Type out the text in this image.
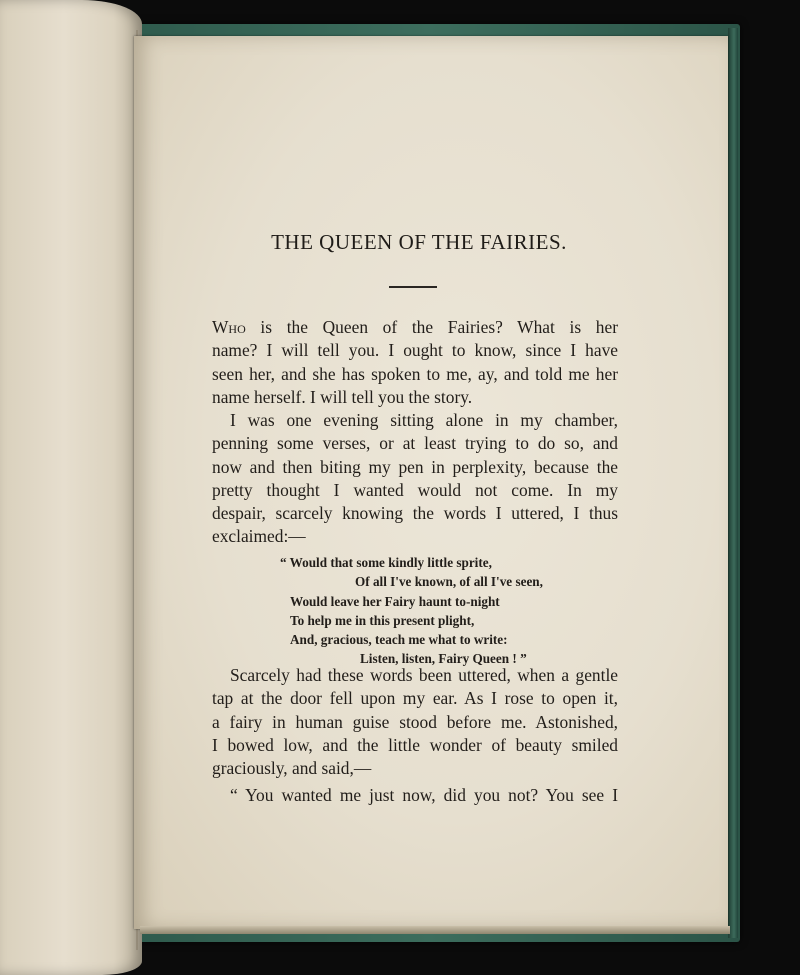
THE QUEEN OF THE FAIRIES.
Who is the Queen of the Fairies? What is her
name? I will tell you. I ought to know, since I have
seen her, and she has spoken to me, ay, and told me her
name herself. I will tell you the story.
I was one evening sitting alone in my chamber,
penning some verses, or at least trying to do so, and
now and then biting my pen in perplexity, because the
pretty thought I wanted would not come. In my
despair, scarcely knowing the words I uttered, I thus
exclaimed:—
“ Would that some kindly little sprite,
Of all I've known, of all I've seen,
Would leave her Fairy haunt to-night
To help me in this present plight,
And, gracious, teach me what to write:
Listen, listen, Fairy Queen ! ”
Scarcely had these words been uttered, when a gentle
tap at the door fell upon my ear. As I rose to open it,
a fairy in human guise stood before me. Astonished,
I bowed low, and the little wonder of beauty smiled
graciously, and said,—
“ You wanted me just now, did you not? You see I
